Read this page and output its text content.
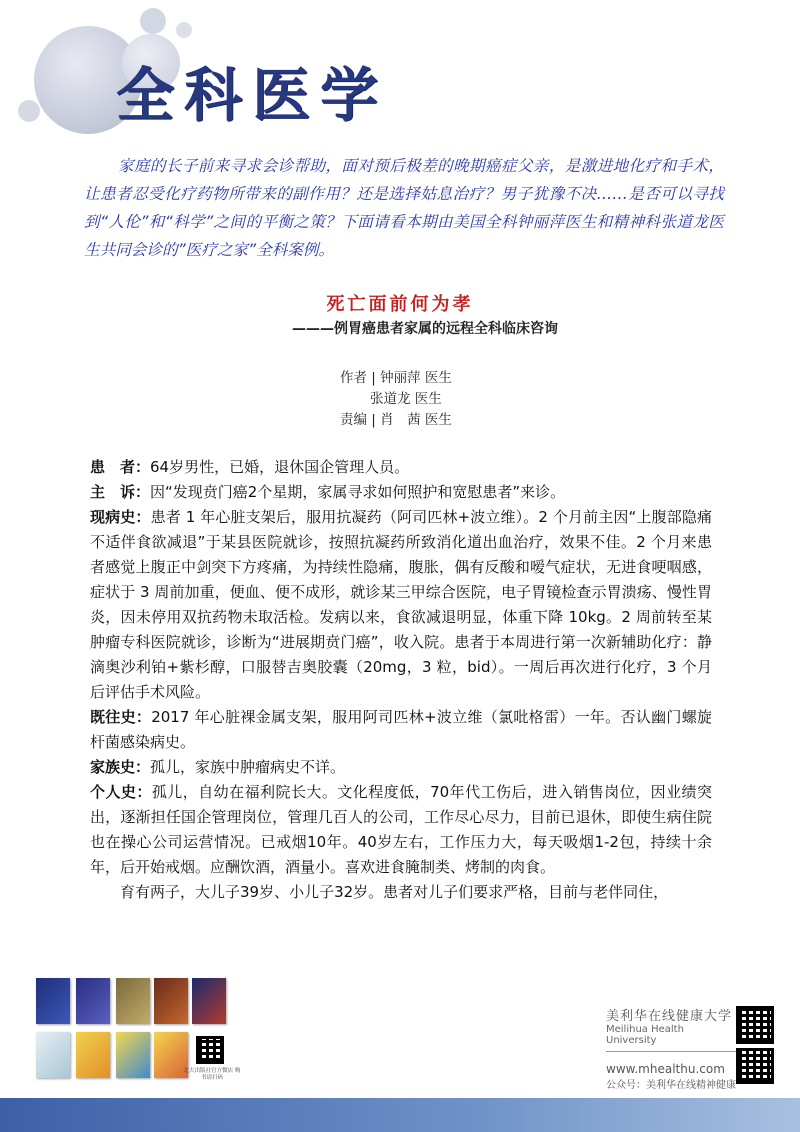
全科医学

家庭的长子前来寻求会诊帮助，面对预后极差的晚期癌症父亲，是激进地化疗和手术，让患者忍受化疗药物所带来的副作用？还是选择姑息治疗？男子犹豫不决……是否可以寻找到“人伦”和“科学”之间的平衡之策？下面请看本期由美国全科钟丽萍医生和精神科张道龙医生共同会诊的”医疗之家”全科案例。

死亡面前何为孝
———例胃癌患者家属的远程全科临床咨询
作者 | 钟丽萍 医生
张道龙 医生
责编 | 肖　茜 医生

患　者：64岁男性，已婚，退休国企管理人员。

主　诉：因“发现贲门癌2个星期，家属寻求如何照护和宽慰患者”来诊。

现病史：患者 1 年心脏支架后，服用抗凝药（阿司匹林+波立维）。2 个月前主因“上腹部隐痛不适伴食欲减退”于某县医院就诊，按照抗凝药所致消化道出血治疗，效果不佳。2 个月来患者感觉上腹正中剑突下方疼痛，为持续性隐痛，腹胀，偶有反酸和嗳气症状，无进食哽咽感，症状于 3 周前加重，便血、便不成形，就诊某三甲综合医院，电子胃镜检查示胃溃疡、慢性胃炎，因未停用双抗药物未取活检。发病以来，食欲减退明显，体重下降 10kg。2 周前转至某肿瘤专科医院就诊，诊断为“进展期贲门癌”，收入院。患者于本周进行第一次新辅助化疗：静滴奥沙利铂+紫杉醇，口服替吉奥胶囊（20mg，3 粒，bid）。一周后再次进行化疗，3 个月后评估手术风险。

既往史：2017 年心脏裸金属支架，服用阿司匹林+波立维（氯吡格雷）一年。否认幽门螺旋杆菌感染病史。

家族史：孤儿，家族中肿瘤病史不详。

个人史：孤儿，自幼在福利院长大。文化程度低，70年代工伤后，进入销售岗位，因业绩突出，逐渐担任国企管理岗位，管理几百人的公司，工作尽心尽力，目前已退休，即使生病住院也在操心公司运营情况。已戒烟10年。40岁左右，工作压力大，每天吸烟1-2包，持续十余年，后开始戒烟。应酬饮酒，酒量小。喜欢进食腌制类、烤制的肉食。

育有两子，大儿子39岁、小儿子32岁。患者对儿子们要求严格，目前与老伴同住，

北大出版社官方微店 购书请扫码
美利华在线健康大学
Meilihua Health University
www.mhealthu.com
公众号：美利华在线精神健康
